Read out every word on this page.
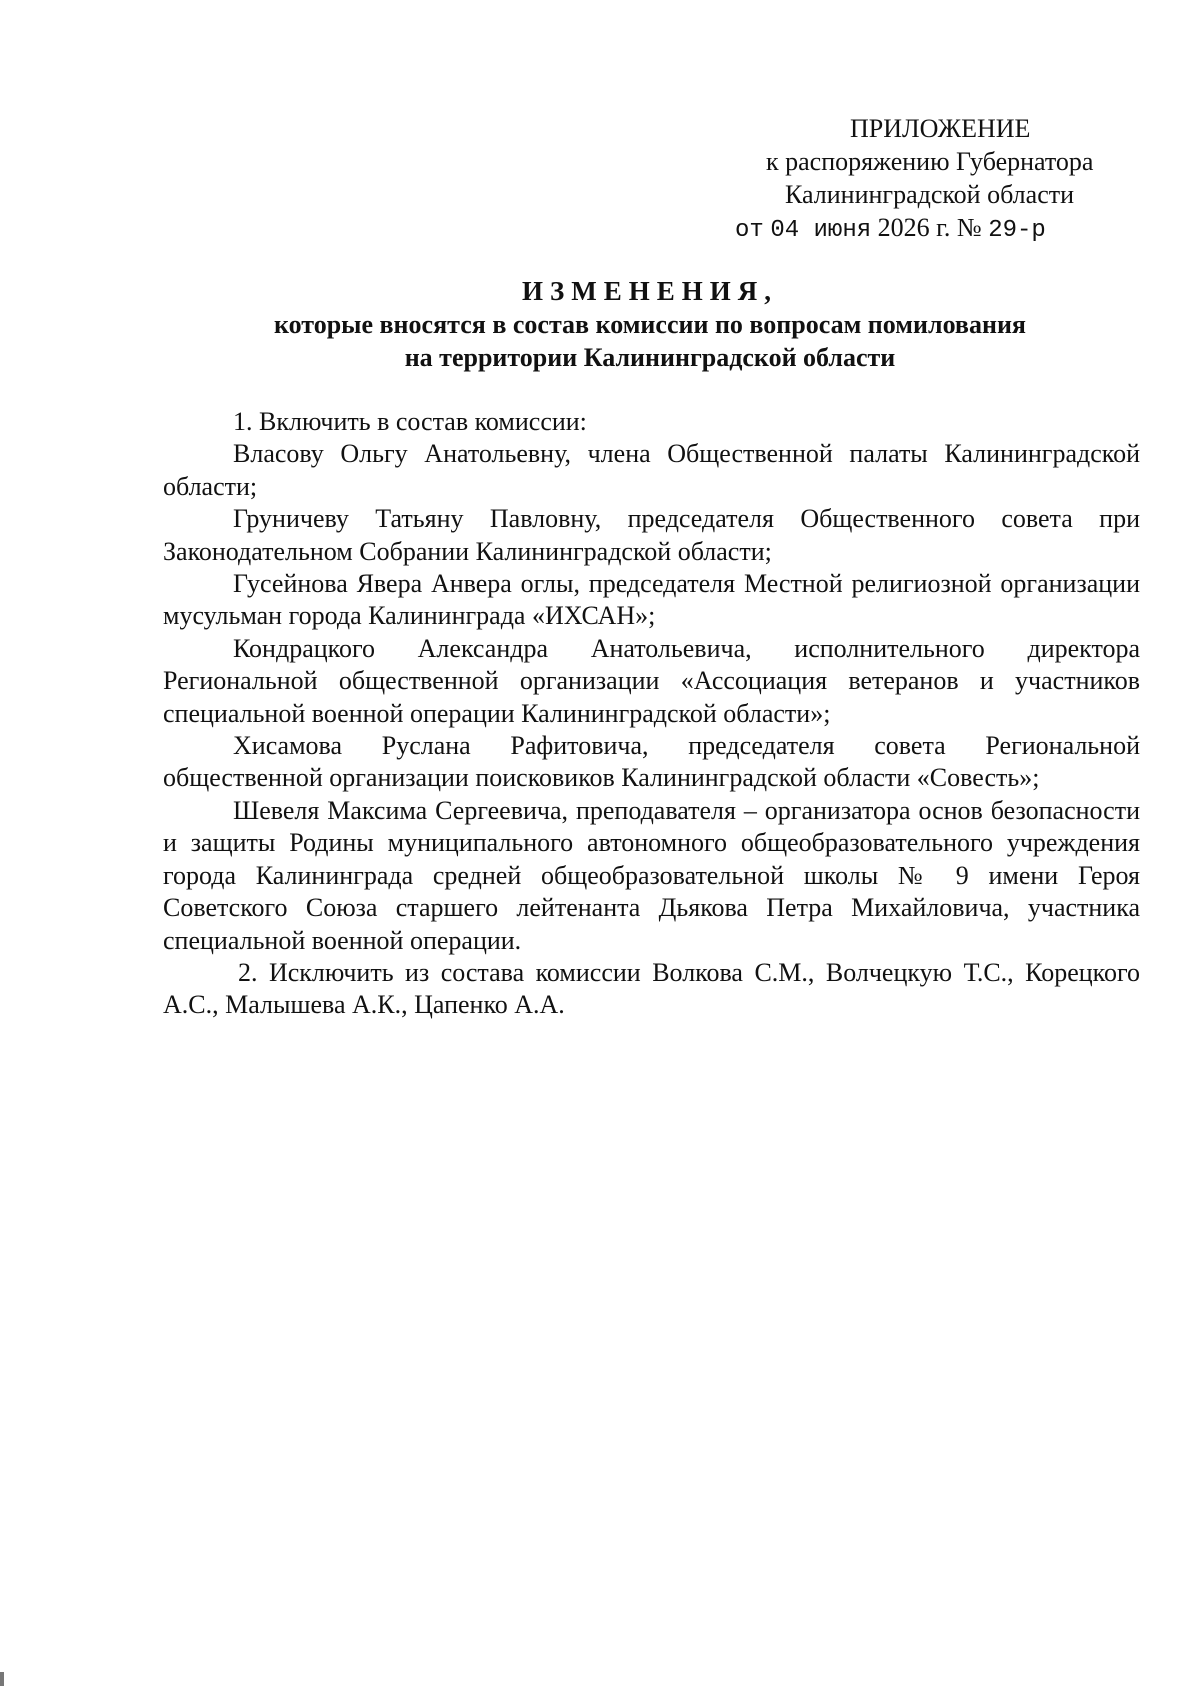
ПРИЛОЖЕНИЕ
к распоряжению Губернатора
Калининградской области
от 04 июня 2026 г. № 29-р
ИЗМЕНЕНИЯ,
которые вносятся в состав комиссии по вопросам помилования
на территории Калининградской области

1. Включить в состав комиссии:

Власову Ольгу Анатольевну, члена Общественной палаты Калининградской области;

Груничеву Татьяну Павловну, председателя Общественного совета при Законодательном Собрании Калининградской области;

Гусейнова Явера Анвера оглы, председателя Местной религиозной организации мусульман города Калининграда «ИХСАН»;

Кондрацкого Александра Анатольевича, исполнительного директора Региональной общественной организации «Ассоциация ветеранов и участников специальной военной операции Калининградской области»;

Хисамова Руслана Рафитовича, председателя совета Региональной общественной организации поисковиков Калининградской области «Совесть»;

Шевеля Максима Сергеевича, преподавателя – организатора основ безопасности и защиты Родины муниципального автономного общеобразовательного учреждения города Калининграда средней общеобразовательной школы № 9 имени Героя Советского Союза старшего лейтенанта Дьякова Петра Михайловича, участника специальной военной операции.

2. Исключить из состава комиссии Волкова С.М., Волчецкую Т.С., Корецкого А.С., Малышева А.К., Цапенко А.А.
